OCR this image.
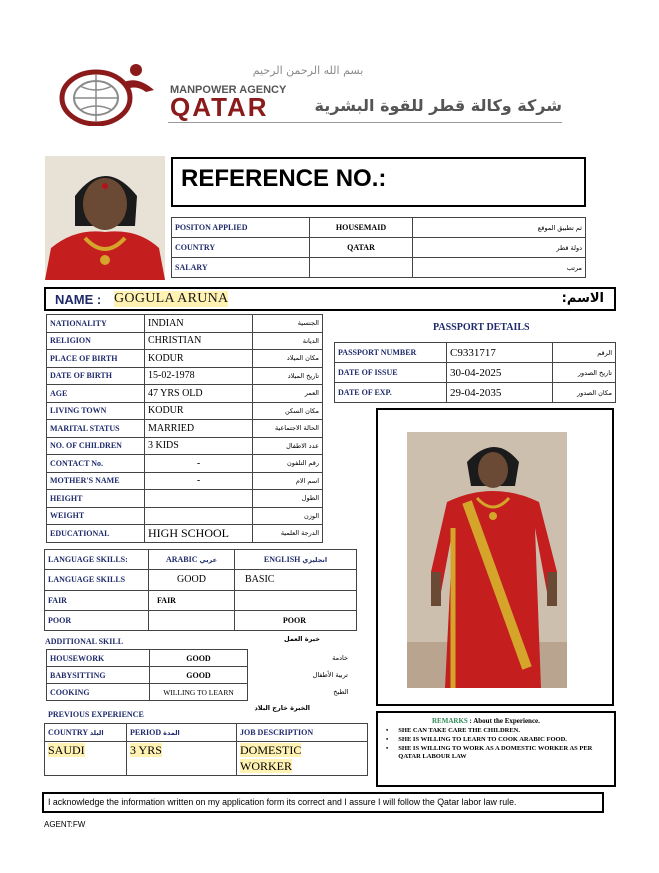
بسم الله الرحمن الرحيم
MANPOWER AGENCY
QATAR	شركة وكالة قطر للقوة البشرية
REFERENCE NO.:
POSITON APPLIED	HOUSEMAID	ثم تطبيق الموقع
COUNTRY	QATAR	دولة قطر
SALARY		مرتب
NAME : GOGULA ARUNA	الاسم:
NATIONALITY	INDIAN	الجنسية
RELIGION	CHRISTIAN	الديانة
PLACE OF BIRTH	KODUR	مكان الميلاد
DATE OF BIRTH	15-02-1978	تاريخ الميلاد
AGE	47 YRS OLD	العمر
LIVING TOWN	KODUR	مكان السكن
MARITAL STATUS	MARRIED	الحالة الاجتماعية
NO. OF CHILDREN	3 KIDS	عدد الاطفال
CONTACT No.	-	رقم التلفون
MOTHER'S NAME	-	اسم الام
HEIGHT		الطول
WEIGHT		الوزن
EDUCATIONAL	HIGH SCHOOL	الدرجة العلمية
PASSPORT DETAILS
PASSPORT NUMBER	C9331717	الرقم
DATE OF ISSUE	30-04-2025	تاريخ الصدور
DATE OF EXP.	29-04-2035	مكان الصدور
LANGUAGE SKILLS:	ARABIC عربي	ENGLISH انجليزي
LANGUAGE SKILLS	GOOD	BASIC
FAIR	FAIR	
POOR		POOR
ADDITIONAL SKILL	خبرة العمل
HOUSEWORK	GOOD	خادمة
BABYSITTING	GOOD	تربية الأطفال
COOKING	WILLING TO LEARN	الطبخ
PREVIOUS EXPERIENCE
الخبرة خارج البلاد
COUNTRY البلد	PERIOD المدة	JOB DESCRIPTION
SAUDI	3 YRS	DOMESTIC
WORKER
REMARKS : About the Experience.
• SHE CAN TAKE CARE THE CHILDREN.
• SHE IS WILLING TO LEARN TO COOK ARABIC FOOD.
• SHE IS WILLING TO WORK AS A DOMESTIC WORKER AS PER QATAR LABOUR LAW
I acknowledge the information written on my application form its correct and I assure I will follow the Qatar labor law rule.
AGENT:FW
